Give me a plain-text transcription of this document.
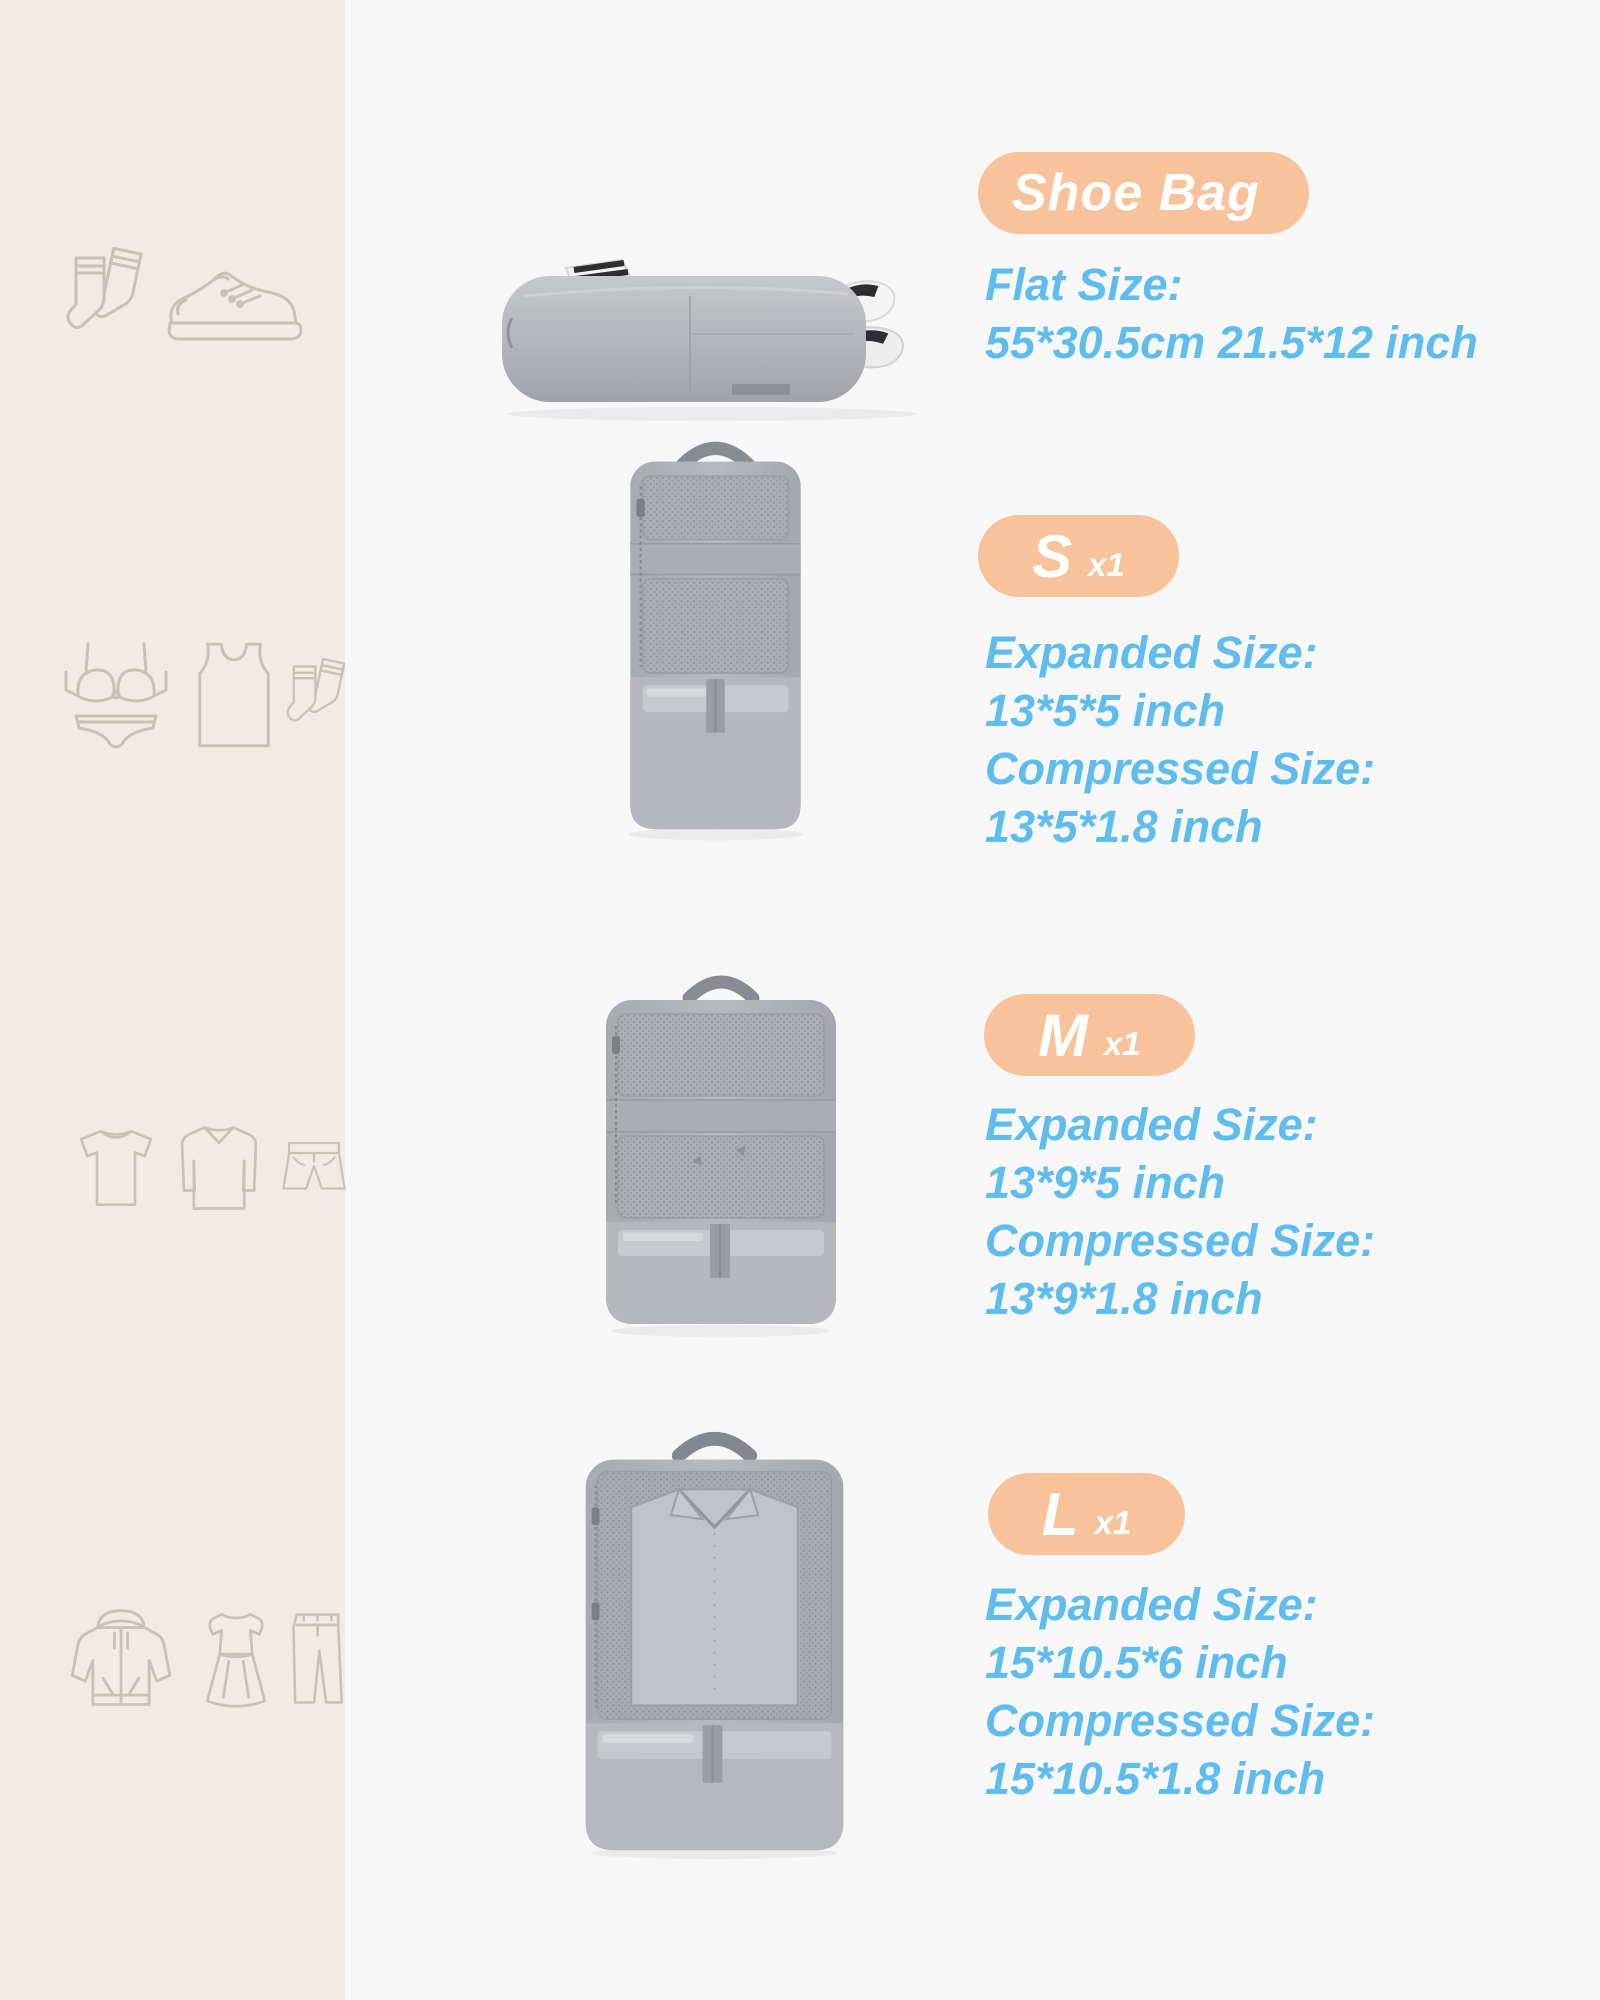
Shoe Bag
Flat Size:
55*30.5cm 21.5*12 inch
S x1
Expanded Size:
13*5*5 inch
Compressed Size:
13*5*1.8 inch
M x1
Expanded Size:
13*9*5 inch
Compressed Size:
13*9*1.8 inch
L x1
Expanded Size:
15*10.5*6 inch
Compressed Size:
15*10.5*1.8 inch
